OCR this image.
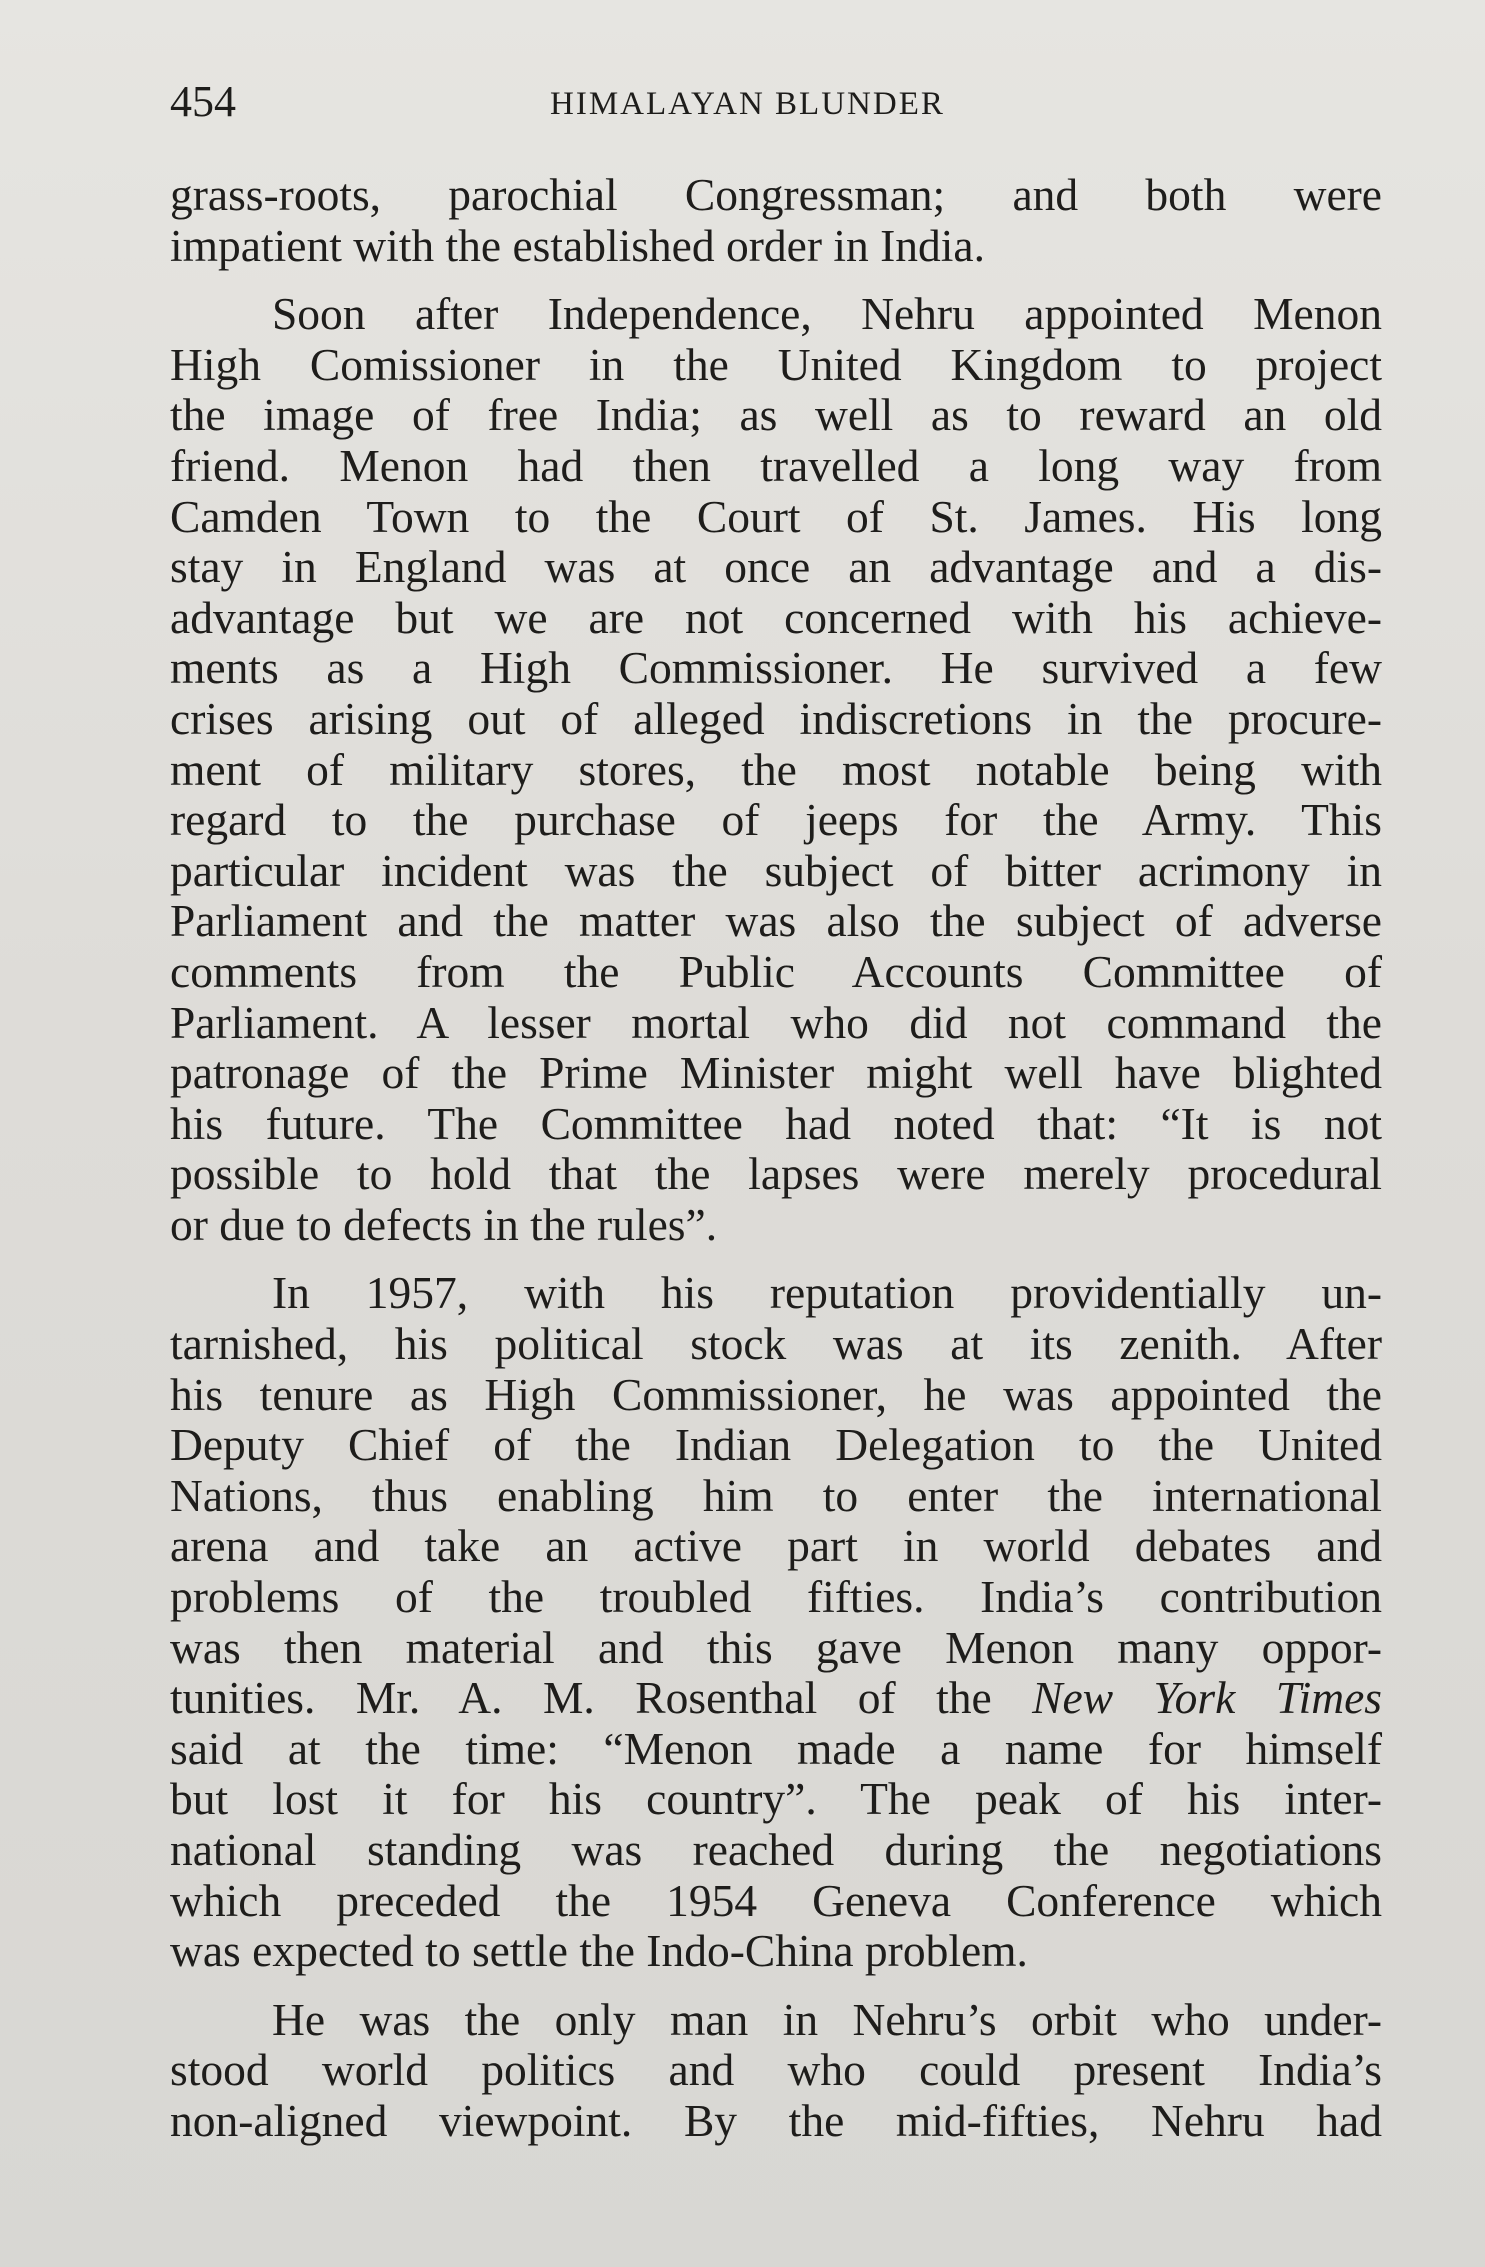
454	HIMALAYAN BLUNDER

grass-roots, parochial Congressman; and both were
impatient with the established order in India.

Soon after Independence, Nehru appointed Menon
High Comissioner in the United Kingdom to project
the image of free India; as well as to reward an old
friend. Menon had then travelled a long way from
Camden Town to the Court of St. James. His long
stay in England was at once an advantage and a dis-
advantage but we are not concerned with his achieve-
ments as a High Commissioner. He survived a few
crises arising out of alleged indiscretions in the procure-
ment of military stores, the most notable being with
regard to the purchase of jeeps for the Army. This
particular incident was the subject of bitter acrimony in
Parliament and the matter was also the subject of adverse
comments from the Public Accounts Committee of
Parliament. A lesser mortal who did not command the
patronage of the Prime Minister might well have blighted
his future. The Committee had noted that: “It is not
possible to hold that the lapses were merely procedural
or due to defects in the rules”.

In 1957, with his reputation providentially un-
tarnished, his political stock was at its zenith. After
his tenure as High Commissioner, he was appointed the
Deputy Chief of the Indian Delegation to the United
Nations, thus enabling him to enter the international
arena and take an active part in world debates and
problems of the troubled fifties. India’s contribution
was then material and this gave Menon many oppor-
tunities. Mr. A. M. Rosenthal of the New York Times
said at the time: “Menon made a name for himself
but lost it for his country”. The peak of his inter-
national standing was reached during the negotiations
which preceded the 1954 Geneva Conference which
was expected to settle the Indo-China problem.

He was the only man in Nehru’s orbit who under-
stood world politics and who could present India’s
non-aligned viewpoint. By the mid-fifties, Nehru had
